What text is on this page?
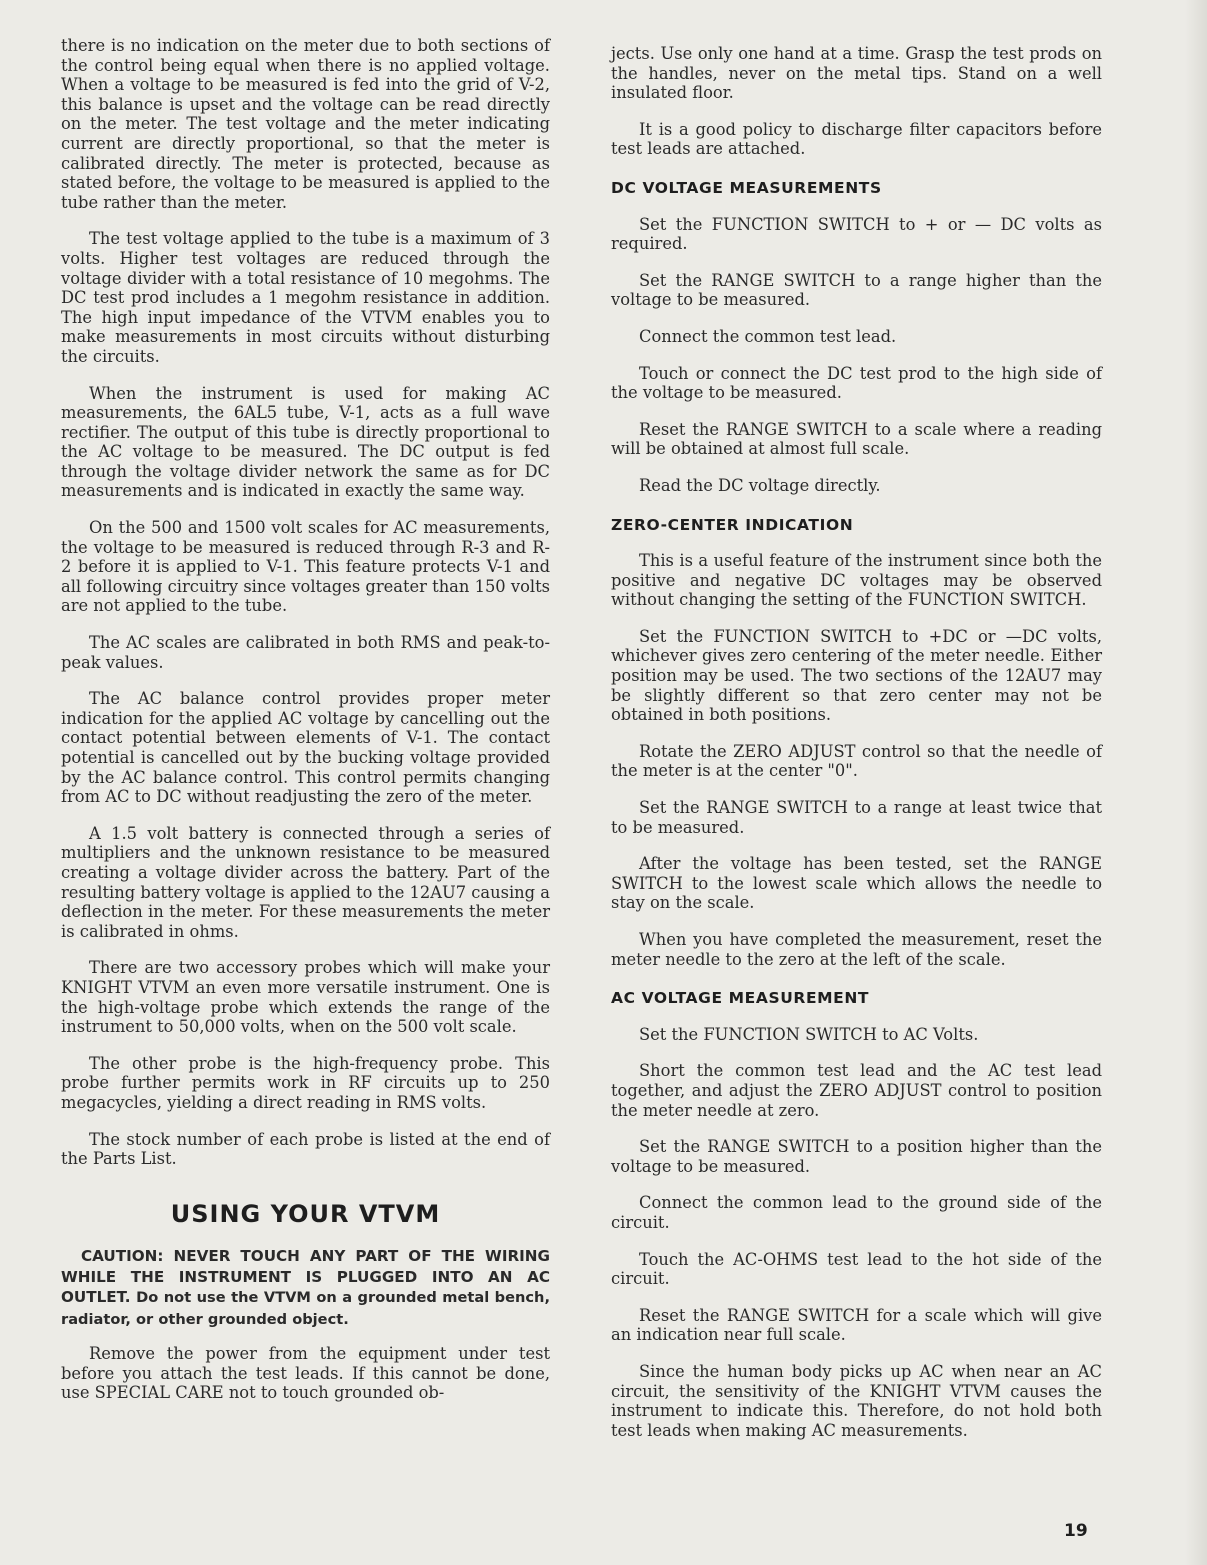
there is no indication on the meter due to both sections of the control being equal when there is no applied voltage. When a voltage to be measured is fed into the grid of V-2, this balance is upset and the voltage can be read directly on the meter. The test voltage and the meter indicating current are directly proportional, so that the meter is calibrated directly. The meter is protected, because as stated before, the voltage to be measured is applied to the tube rather than the meter.

The test voltage applied to the tube is a maximum of 3 volts. Higher test voltages are reduced through the voltage divider with a total resistance of 10 megohms. The DC test prod includes a 1 megohm resistance in addition. The high input impedance of the VTVM enables you to make measurements in most circuits without disturbing the circuits.

When the instrument is used for making AC measurements, the 6AL5 tube, V-1, acts as a full wave rectifier. The output of this tube is directly proportional to the AC voltage to be measured. The DC output is fed through the voltage divider network the same as for DC measurements and is indicated in exactly the same way.

On the 500 and 1500 volt scales for AC measurements, the voltage to be measured is reduced through R-3 and R-2 before it is applied to V-1. This feature protects V-1 and all following circuitry since voltages greater than 150 volts are not applied to the tube.

The AC scales are calibrated in both RMS and peak-to-peak values.

The AC balance control provides proper meter indication for the applied AC voltage by cancelling out the contact potential between elements of V-1. The contact potential is cancelled out by the bucking voltage provided by the AC balance control. This control permits changing from AC to DC without readjusting the zero of the meter.

A 1.5 volt battery is connected through a series of multipliers and the unknown resistance to be measured creating a voltage divider across the battery. Part of the resulting battery voltage is applied to the 12AU7 causing a deflection in the meter. For these measurements the meter is calibrated in ohms.

There are two accessory probes which will make your KNIGHT VTVM an even more versatile instrument. One is the high-voltage probe which extends the range of the instrument to 50,000 volts, when on the 500 volt scale.

The other probe is the high-frequency probe. This probe further permits work in RF circuits up to 250 megacycles, yielding a direct reading in RMS volts.

The stock number of each probe is listed at the end of the Parts List.

USING YOUR VTVM
CAUTION: NEVER TOUCH ANY PART OF THE WIRING WHILE THE INSTRUMENT IS PLUGGED INTO AN AC OUTLET. Do not use the VTVM on a grounded metal bench, radiator, or other grounded object.

Remove the power from the equipment under test before you attach the test leads. If this cannot be done, use SPECIAL CARE not to touch grounded ob-

jects. Use only one hand at a time. Grasp the test prods on the handles, never on the metal tips. Stand on a well insulated floor.

It is a good policy to discharge filter capacitors before test leads are attached.

DC VOLTAGE MEASUREMENTS

Set the FUNCTION SWITCH to + or — DC volts as required.

Set the RANGE SWITCH to a range higher than the voltage to be measured.

Connect the common test lead.

Touch or connect the DC test prod to the high side of the voltage to be measured.

Reset the RANGE SWITCH to a scale where a reading will be obtained at almost full scale.

Read the DC voltage directly.

ZERO-CENTER INDICATION

This is a useful feature of the instrument since both the positive and negative DC voltages may be observed without changing the setting of the FUNCTION SWITCH.

Set the FUNCTION SWITCH to +DC or —DC volts, whichever gives zero centering of the meter needle. Either position may be used. The two sections of the 12AU7 may be slightly different so that zero center may not be obtained in both positions.

Rotate the ZERO ADJUST control so that the needle of the meter is at the center "0".

Set the RANGE SWITCH to a range at least twice that to be measured.

After the voltage has been tested, set the RANGE SWITCH to the lowest scale which allows the needle to stay on the scale.

When you have completed the measurement, reset the meter needle to the zero at the left of the scale.

AC VOLTAGE MEASUREMENT

Set the FUNCTION SWITCH to AC Volts.

Short the common test lead and the AC test lead together, and adjust the ZERO ADJUST control to position the meter needle at zero.

Set the RANGE SWITCH to a position higher than the voltage to be measured.

Connect the common lead to the ground side of the circuit.

Touch the AC-OHMS test lead to the hot side of the circuit.

Reset the RANGE SWITCH for a scale which will give an indication near full scale.

Since the human body picks up AC when near an AC circuit, the sensitivity of the KNIGHT VTVM causes the instrument to indicate this. Therefore, do not hold both test leads when making AC measurements.

19
